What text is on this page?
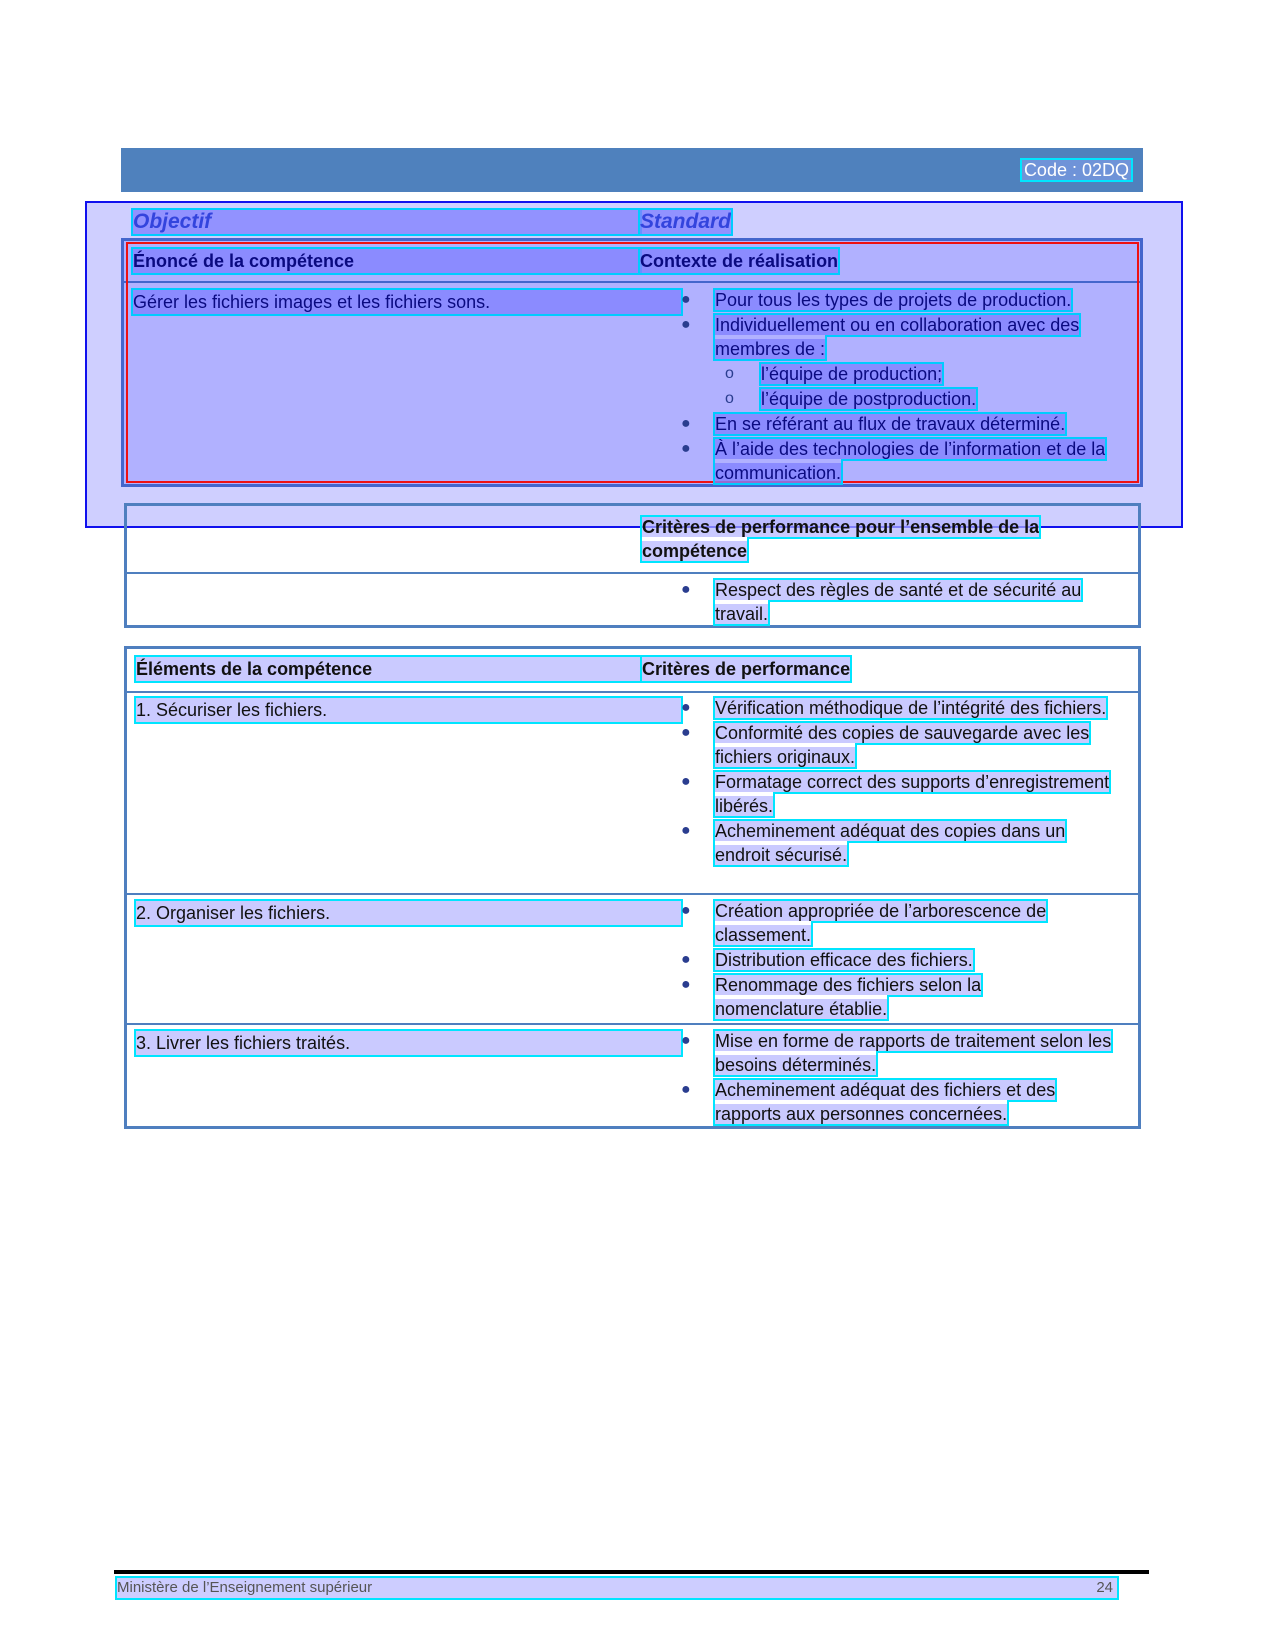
Code : 02DQ
Objectif	Standard
Énoncé de la compétence	Contexte de réalisation
Gérer les fichiers images et les fichiers sons.	● Pour tous les types de projets de production.
● Individuellement ou en collaboration avec des membres de :
o l’équipe de production;
o l’équipe de postproduction.
● En se référant au flux de travaux déterminé.
● À l’aide des technologies de l’information et de la communication.
Critères de performance pour l’ensemble de la compétence
● Respect des règles de santé et de sécurité au travail.
Éléments de la compétence	Critères de performance
1. Sécuriser les fichiers.	● Vérification méthodique de l’intégrité des fichiers.
● Conformité des copies de sauvegarde avec les fichiers originaux.
● Formatage correct des supports d’enregistrement libérés.
● Acheminement adéquat des copies dans un endroit sécurisé.
2. Organiser les fichiers.	● Création appropriée de l’arborescence de classement.
● Distribution efficace des fichiers.
● Renommage des fichiers selon la nomenclature établie.
3. Livrer les fichiers traités.	● Mise en forme de rapports de traitement selon les besoins déterminés.
● Acheminement adéquat des fichiers et des rapports aux personnes concernées.
Ministère de l’Enseignement supérieur	24
